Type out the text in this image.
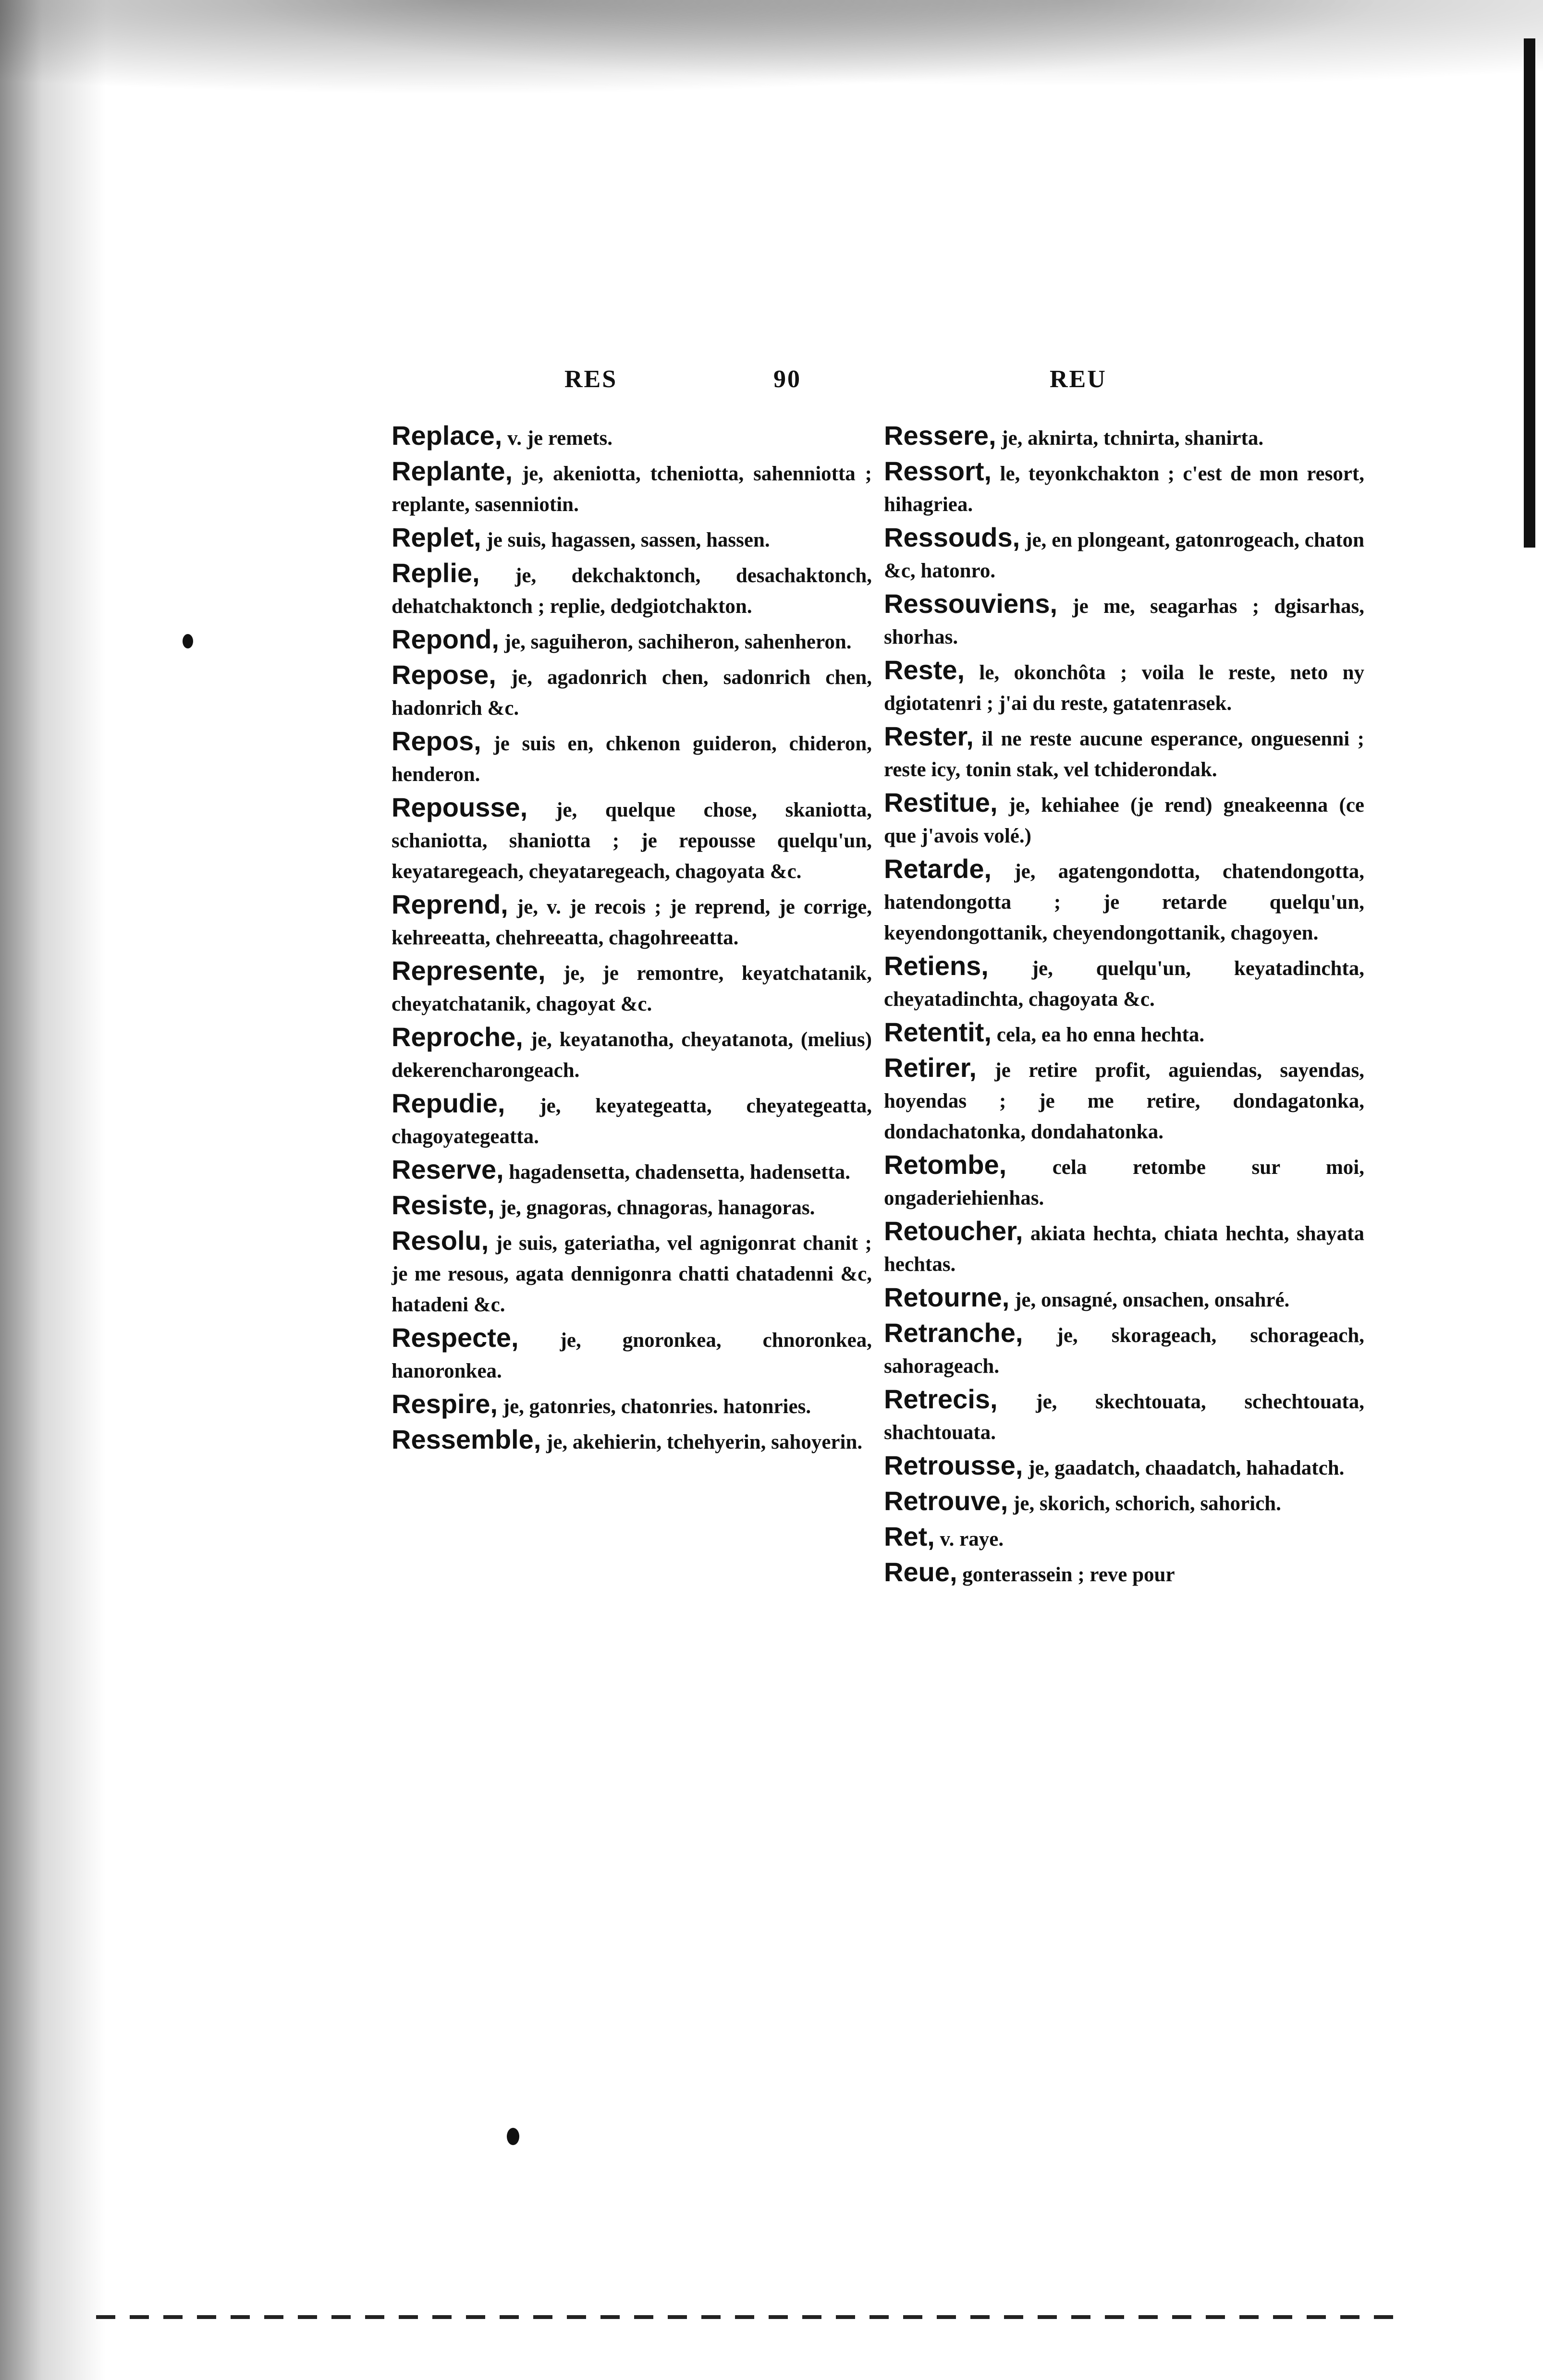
RES	90	REU

Replace, v. je remets.

Replante, je, akeniotta, tcheniotta, sahenniotta ; replante, sasenniotin.

Replet, je suis, hagassen, sassen, hassen.

Replie, je, dekchaktonch, desachaktonch, dehatchaktonch ; replie, dedgiotchakton.

Repond, je, saguiheron, sachiheron, sahenheron.

Repose, je, agadonrich chen, sadonrich chen, hadonrich &c.

Repos, je suis en, chkenon guideron, chideron, henderon.

Repousse, je, quelque chose, skaniotta, schaniotta, shaniotta ; je repousse quelqu'un, keyataregeach, cheyataregeach, chagoyata &c.

Reprend, je, v. je recois ; je reprend, je corrige, kehreeatta, chehreeatta, chagohreeatta.

Represente, je, je remontre, keyatchatanik, cheyatchatanik, chagoyat &c.

Reproche, je, keyatanotha, cheyatanota, (melius) dekerencharongeach.

Repudie, je, keyategeatta, cheyategeatta, chagoyategeatta.

Reserve, hagadensetta, chadensetta, hadensetta.

Resiste, je, gnagoras, chnagoras, hanagoras.

Resolu, je suis, gateriatha, vel agnigonrat chanit ; je me resous, agata dennigonra chatti chatadenni &c, hatadeni &c.

Respecte, je, gnoronkea, chnoronkea, hanoronkea.

Respire, je, gatonries, chatonries. hatonries.

Ressemble, je, akehierin, tchehyerin, sahoyerin.

Ressere, je, aknirta, tchnirta, shanirta.

Ressort, le, teyonkchakton ; c'est de mon resort, hihagriea.

Ressouds, je, en plongeant, gatonrogeach, chaton &c, hatonro.

Ressouviens, je me, seagarhas ; dgisarhas, shorhas.

Reste, le, okonchôta ; voila le reste, neto ny dgiotatenri ; j'ai du reste, gatatenrasek.

Rester, il ne reste aucune esperance, onguesenni ; reste icy, tonin stak, vel tchiderondak.

Restitue, je, kehiahee (je rend) gneakeenna (ce que j'avois volé.)

Retarde, je, agatengondotta, chatendongotta, hatendongotta ; je retarde quelqu'un, keyendongottanik, cheyendongottanik, chagoyen.

Retiens, je, quelqu'un, keyatadinchta, cheyatadinchta, chagoyata &c.

Retentit, cela, ea ho enna hechta.

Retirer, je retire profit, aguiendas, sayendas, hoyendas ; je me retire, dondagatonka, dondachatonka, dondahatonka.

Retombe, cela retombe sur moi, ongaderiehienhas.

Retoucher, akiata hechta, chiata hechta, shayata hechtas.

Retourne, je, onsagné, onsachen, onsahré.

Retranche, je, skorageach, schorageach, sahorageach.

Retrecis, je, skechtouata, schechtouata, shachtouata.

Retrousse, je, gaadatch, chaadatch, hahadatch.

Retrouve, je, skorich, schorich, sahorich.

Ret, v. raye.

Reue, gonterassein ; reve pour
